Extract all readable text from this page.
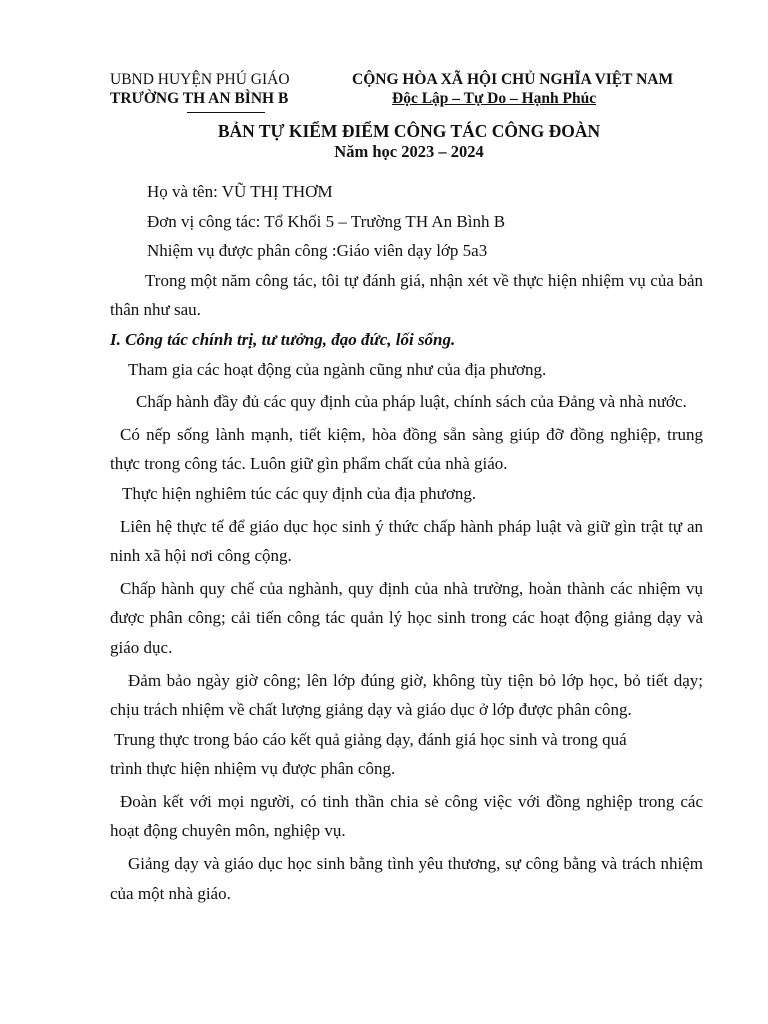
UBND HUYỆN PHÚ GIÁO
TRƯỜNG TH AN BÌNH B
CỘNG HÒA XÃ HỘI CHỦ NGHĨA VIỆT NAM
Độc Lập – Tự Do – Hạnh Phúc
BẢN TỰ KIỂM ĐIỂM CÔNG TÁC CÔNG ĐOÀN
Năm học 2023 – 2024

Họ và tên: VŨ THỊ THƠM

Đơn vị công tác: Tổ Khối 5 – Trường TH An Bình B

Nhiệm vụ được phân công :Giáo viên dạy lớp 5a3

Trong một năm công tác, tôi tự đánh giá, nhận xét về thực hiện nhiệm vụ của bản thân như sau.

I. Công tác chính trị, tư tưởng, đạo đức, lối sống.

Tham gia các hoạt động của ngành cũng như của địa phương.

Chấp hành đầy đủ các quy định của pháp luật, chính sách của Đảng và nhà nước.

Có nếp sống lành mạnh, tiết kiệm, hòa đồng sẵn sàng giúp đỡ đồng nghiệp, trung thực trong công tác. Luôn giữ gìn phẩm chất của nhà giáo.

Thực hiện nghiêm túc các quy định của địa phương.

Liên hệ thực tế để giáo dục học sinh ý thức chấp hành pháp luật và giữ gìn trật tự an ninh xã hội nơi công cộng.

Chấp hành quy chế của nghành, quy định của nhà trường, hoàn thành các nhiệm vụ được phân công; cải tiến công tác quản lý học sinh trong các hoạt động giảng dạy và giáo dục.

Đảm bảo ngày giờ công; lên lớp đúng giờ, không tùy tiện bỏ lớp học, bỏ tiết dạy; chịu trách nhiệm về chất lượng giảng dạy và giáo dục ở lớp được phân công.

Trung thực trong báo cáo kết quả giảng dạy, đánh giá học sinh và trong quá

trình thực hiện nhiệm vụ được phân công.

Đoàn kết với mọi người, có tinh thần chia sẻ công việc với đồng nghiệp trong các hoạt động chuyên môn, nghiệp vụ.

Giảng dạy và giáo dục học sinh bằng tình yêu thương, sự công bằng và trách nhiệm của một nhà giáo.
